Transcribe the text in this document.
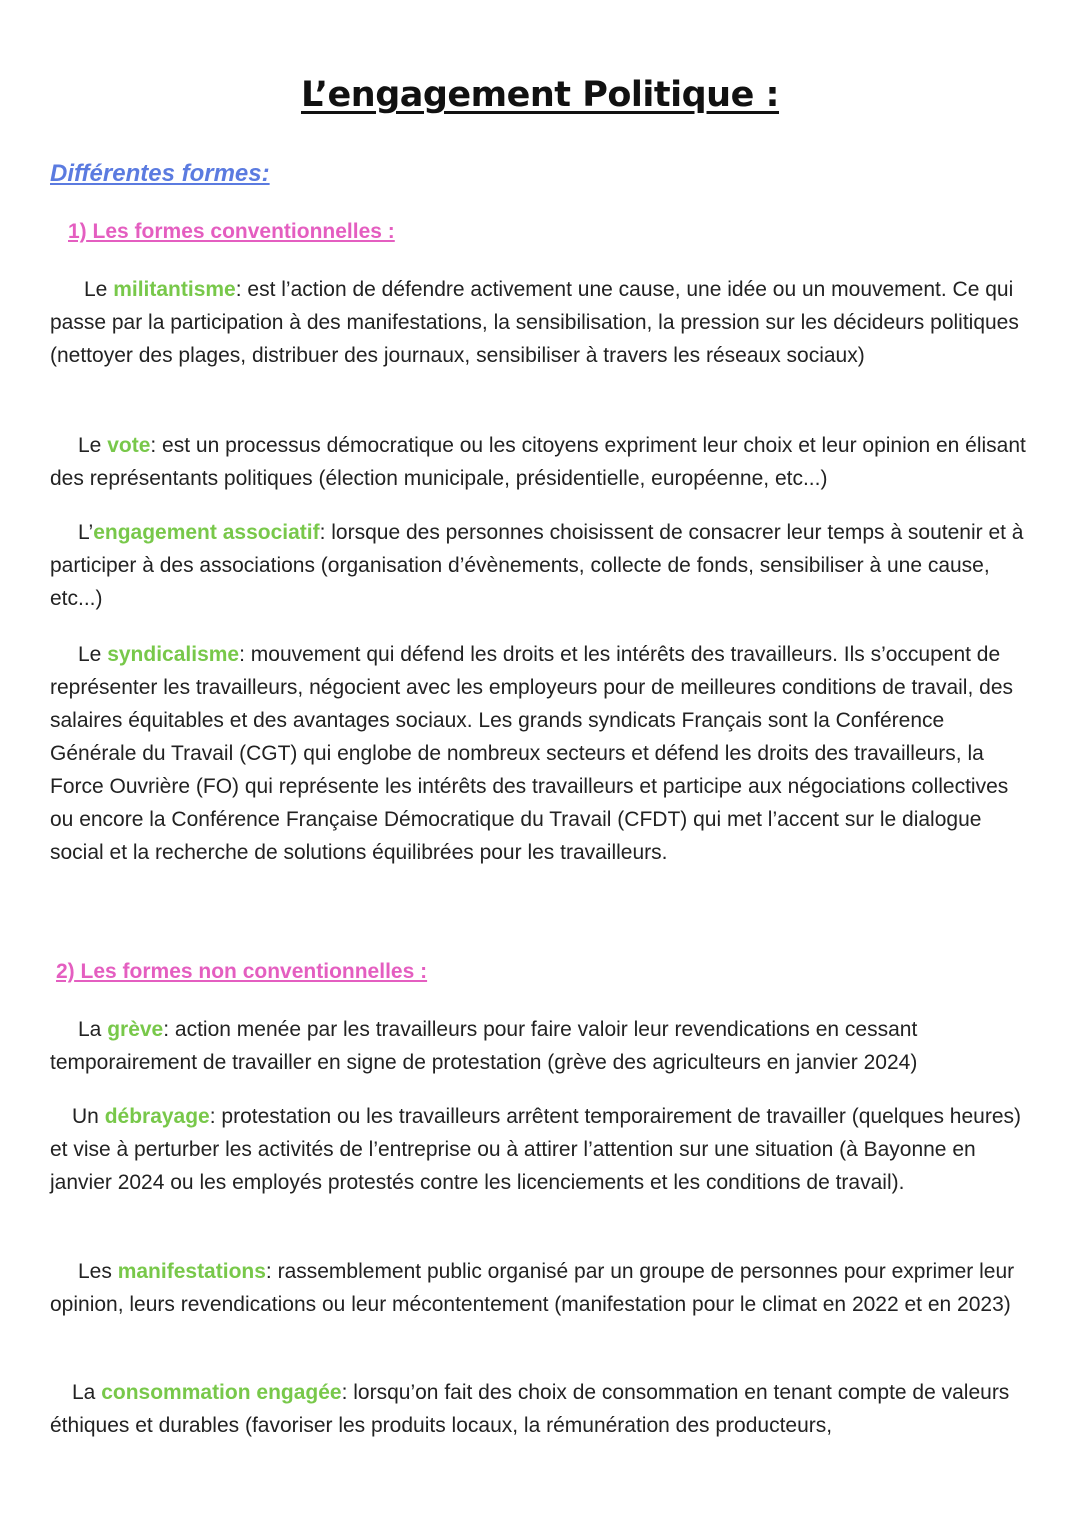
L’engagement Politique :
Différentes formes:
1) Les formes conventionnelles :

Le militantisme: est l’action de défendre activement une cause, une idée ou un mouvement. Ce qui passe par la participation à des manifestations, la sensibilisation, la pression sur les décideurs politiques (nettoyer des plages, distribuer des journaux, sensibiliser à travers les réseaux sociaux)

Le vote: est un processus démocratique ou les citoyens expriment leur choix et leur opinion en élisant des représentants politiques (élection municipale, présidentielle, européenne, etc...)

L’engagement associatif: lorsque des personnes choisissent de consacrer leur temps à soutenir et à participer à des associations (organisation d’évènements, collecte de fonds, sensibiliser à une cause, etc...)

Le syndicalisme: mouvement qui défend les droits et les intérêts des travailleurs. Ils s’occupent de représenter les travailleurs, négocient avec les employeurs pour de meilleures conditions de travail, des salaires équitables et des avantages sociaux. Les grands syndicats Français sont la Conférence Générale du Travail (CGT) qui englobe de nombreux secteurs et défend les droits des travailleurs, la Force Ouvrière (FO) qui représente les intérêts des travailleurs et participe aux négociations collectives ou encore la Conférence Française Démocratique du Travail (CFDT) qui met l’accent sur le dialogue social et la recherche de solutions équilibrées pour les travailleurs.

2) Les formes non conventionnelles :

La grève: action menée par les travailleurs pour faire valoir leur revendications en cessant temporairement de travailler en signe de protestation (grève des agriculteurs en janvier 2024)

Un débrayage: protestation ou les travailleurs arrêtent temporairement de travailler (quelques heures) et vise à perturber les activités de l’entreprise ou à attirer l’attention sur une situation (à Bayonne en janvier 2024 ou les employés protestés contre les licenciements et les conditions de travail).

Les manifestations: rassemblement public organisé par un groupe de personnes pour exprimer leur opinion, leurs revendications ou leur mécontentement (manifestation pour le climat en 2022 et en 2023)

La consommation engagée: lorsqu’on fait des choix de consommation en tenant compte de valeurs éthiques et durables (favoriser les produits locaux, la rémunération des producteurs,
